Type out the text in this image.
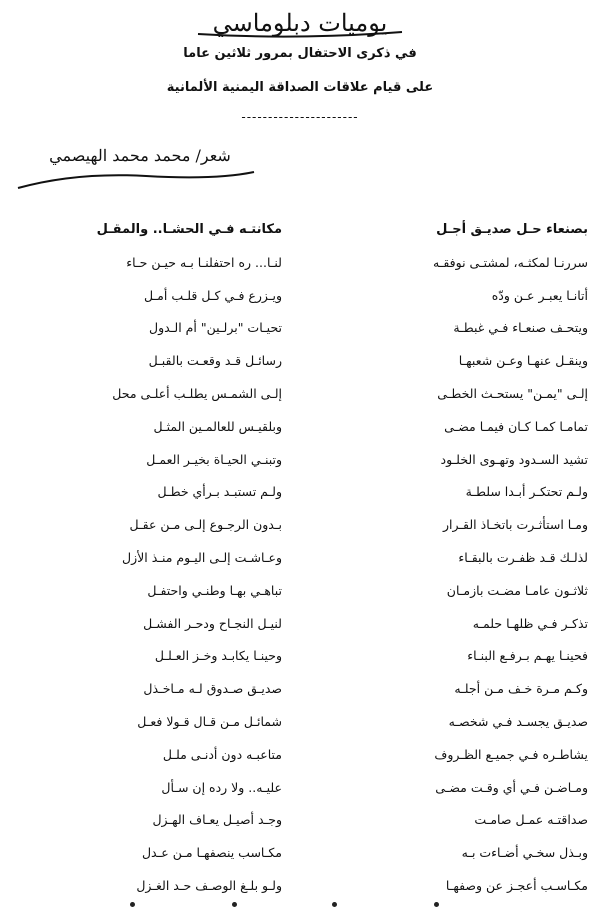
يوميات دبلوماسي
في ذكرى الاحتفال بمرور ثلاثين عاما
على قيام علاقات الصداقة اليمنية الألمانية
----------------------
شعر/ محمد محمد الهيصمي
بصنعاء حـل صديـق أجـل
سررنـا لمكثـه، لمشتـى نوفقـه
أتانـا يعبـر عـن ودّه
ويتحـف صنعـاء فـي غبطـة
وينقـل عنهـا وعـن شعبهـا
إلـى "يمـن" يستحـث الخطـى
تمامـا كمـا كـان فيمـا مضـى
تشيد السـدود وتهـوى الخلـود
ولـم تحتكـر أبـدا سلطـة
ومـا استأثـرت باتخـاذ القـرار
لذلـك قـد ظفـرت بالبقـاء
ثلاثـون عامـا مضـت بازمـان
تذكـر فـي ظلهـا حلمـه
فحينـا يهـم بـرفـع البنـاء
وكـم مـرة خـف مـن أجلـه
صديـق يجسـد فـي شخصـه
يشاطـره فـي جميـع الظـروف
ومـاضـن فـي أي وقـت مضـى
صداقتـه عمـل صامـت
وبـذل سخـي أضـاءت بـه
مكـاسـب أعجـز عن وصفهـا
مكانتـه فـي الحشـا.. والمقـل
لنـا... ره احتفلنـا بـه حيـن حـاء
ويـزرع فـي كـل قلـب أمـل
تحيـات "برلـين" أم الـدول
رسائـل قـد وقعـت بالقبـل
إلـى الشمـس يطلـب أعلـى محل
وبلقيـس للعالمـين المثـل
وتبنـي الحيـاة بخيـر العمـل
ولـم تستبـد بـرأي خطـل
بـدون الرجـوع إلـى مـن عقـل
وعـاشـت إلـى اليـوم منـذ الأزل
تباهـي بهـا وطنـي واحتفـل
لنيـل النجـاح ودحـر الفشـل
وحينـا يكابـد وخـز العـلـل
صديـق صـدوق لـه مـاخـذل
شمائـل مـن قـال قـولا فعـل
متاعبـه دون أدنـى ملـل
عليـه.. ولا رده إن سـأل
وجـد أصيـل يعـاف الهـزل
مكـاسب ينصفهـا مـن عـدل
ولـو بلـغ الوصـف حـد الغـزل
